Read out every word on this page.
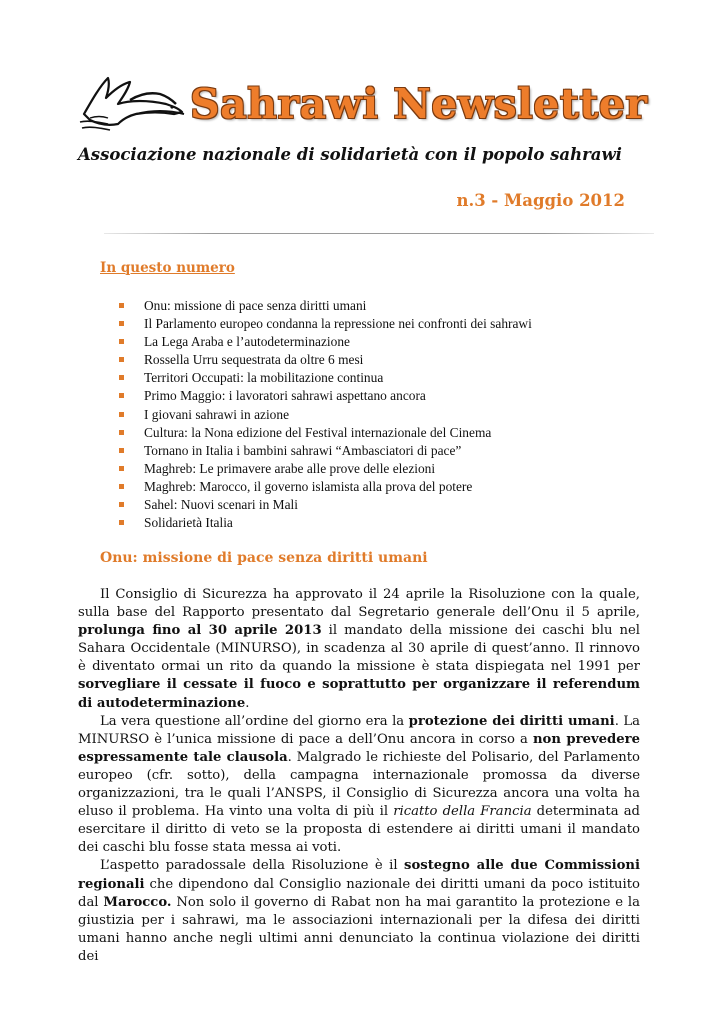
Sahrawi Newsletter
Associazione nazionale di solidarietà con il popolo sahrawi
n.3 - Maggio 2012
In questo numero
Onu: missione di pace senza diritti umani
Il Parlamento europeo condanna la repressione nei confronti dei sahrawi
La Lega Araba e l’autodeterminazione
Rossella Urru sequestrata da oltre 6 mesi
Territori Occupati: la mobilitazione continua
Primo Maggio: i lavoratori sahrawi aspettano ancora
I giovani sahrawi in azione
Cultura: la Nona edizione del Festival internazionale del Cinema
Tornano in Italia i bambini sahrawi “Ambasciatori di pace”
Maghreb: Le primavere arabe alle prove delle elezioni
Maghreb: Marocco, il governo islamista alla prova del potere
Sahel: Nuovi scenari in Mali
Solidarietà Italia
Onu: missione di pace senza diritti umani

Il Consiglio di Sicurezza ha approvato il 24 aprile la Risoluzione con la quale, sulla base del Rapporto presentato dal Segretario generale dell’Onu il 5 aprile, prolunga fino al 30 aprile 2013 il mandato della missione dei caschi blu nel Sahara Occidentale (MINURSO), in scadenza al 30 aprile di quest’anno. Il rinnovo è diventato ormai un rito da quando la missione è stata dispiegata nel 1991 per sorvegliare il cessate il fuoco e soprattutto per organizzare il referendum di autodeterminazione.

La vera questione all’ordine del giorno era la protezione dei diritti umani. La MINURSO è l’unica missione di pace a dell’Onu ancora in corso a non prevedere espressamente tale clausola. Malgrado le richieste del Polisario, del Parlamento europeo (cfr. sotto), della campagna internazionale promossa da diverse organizzazioni, tra le quali l’ANSPS, il Consiglio di Sicurezza ancora una volta ha eluso il problema. Ha vinto una volta di più il ricatto della Francia determinata ad esercitare il diritto di veto se la proposta di estendere ai diritti umani il mandato dei caschi blu fosse stata messa ai voti.

L’aspetto paradossale della Risoluzione è il sostegno alle due Commissioni regionali che dipendono dal Consiglio nazionale dei diritti umani da poco istituito dal Marocco. Non solo il governo di Rabat non ha mai garantito la protezione e la giustizia per i sahrawi, ma le associazioni internazionali per la difesa dei diritti umani hanno anche negli ultimi anni denunciato la continua violazione dei diritti dei
